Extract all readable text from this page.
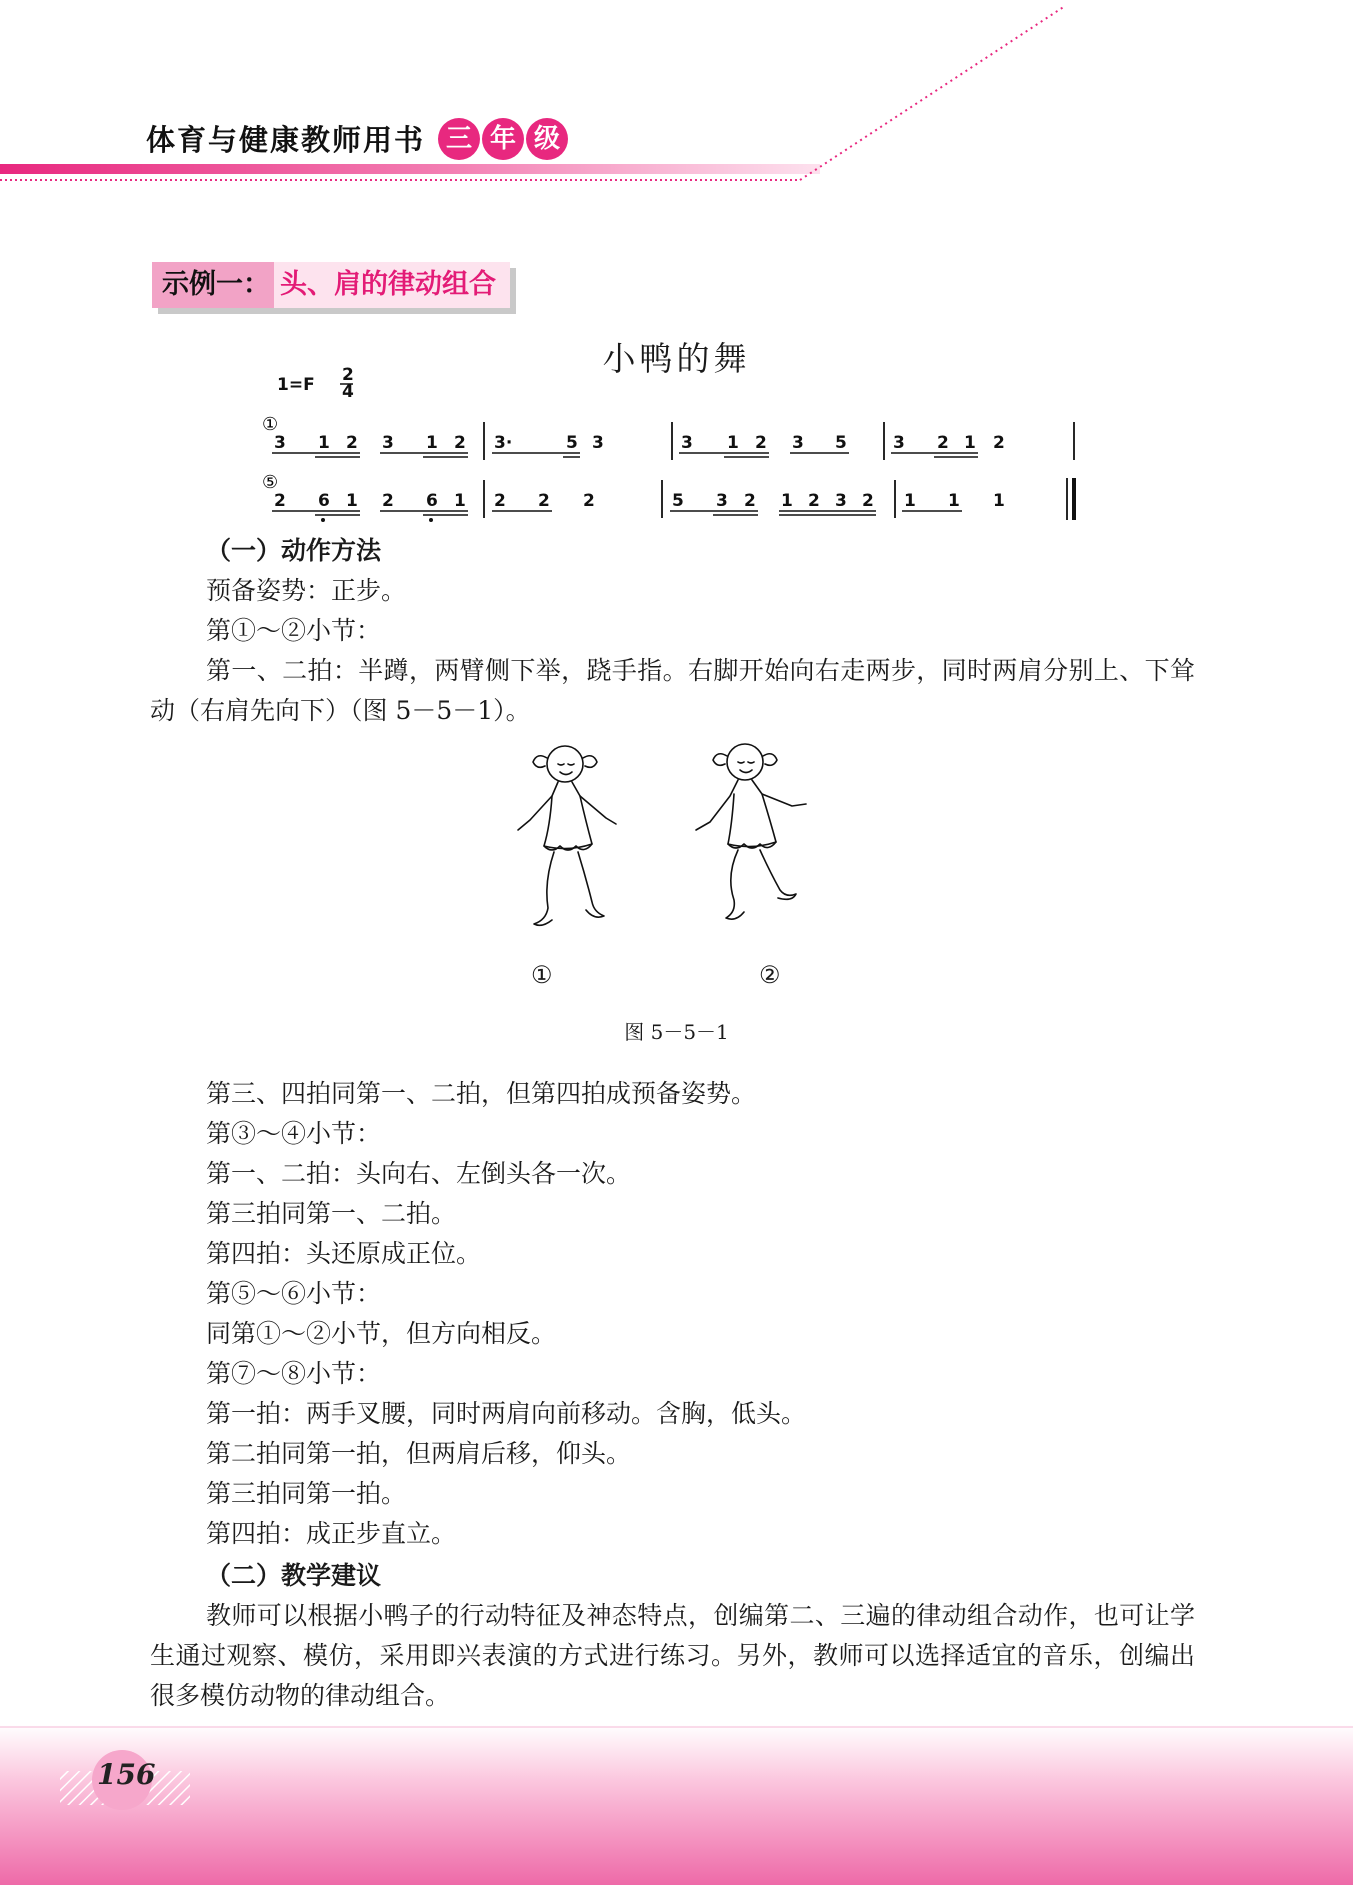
体育与健康教师用书 三 年 级
示例一： 头、肩的律动组合
小鸭的舞
1=F 2
4
①
3 1 2 3 1 2 3·	5 3	3 1 2 3 5	3 2 1 2
⑤
2 6 1 2 6 1 2 2 2	5 3 2 1 2 3 2 1 1 1
（一）动作方法
预备姿势：正步。
第①～②小节：
第一、二拍：半蹲，两臂侧下举，跷手指。右脚开始向右走两步，同时两肩分别上、下耸动（右肩先向下）（图 5－5－1）。
①	②
图 5－5－1
第三、四拍同第一、二拍，但第四拍成预备姿势。
第③～④小节：
第一、二拍：头向右、左倒头各一次。
第三拍同第一、二拍。
第四拍：头还原成正位。
第⑤～⑥小节：
同第①～②小节，但方向相反。
第⑦～⑧小节：
第一拍：两手叉腰，同时两肩向前移动。含胸，低头。
第二拍同第一拍，但两肩后移，仰头。
第三拍同第一拍。
第四拍：成正步直立。
（二）教学建议
教师可以根据小鸭子的行动特征及神态特点，创编第二、三遍的律动组合动作，也可让学生通过观察、模仿，采用即兴表演的方式进行练习。另外，教师可以选择适宜的音乐，创编出很多模仿动物的律动组合。
156
